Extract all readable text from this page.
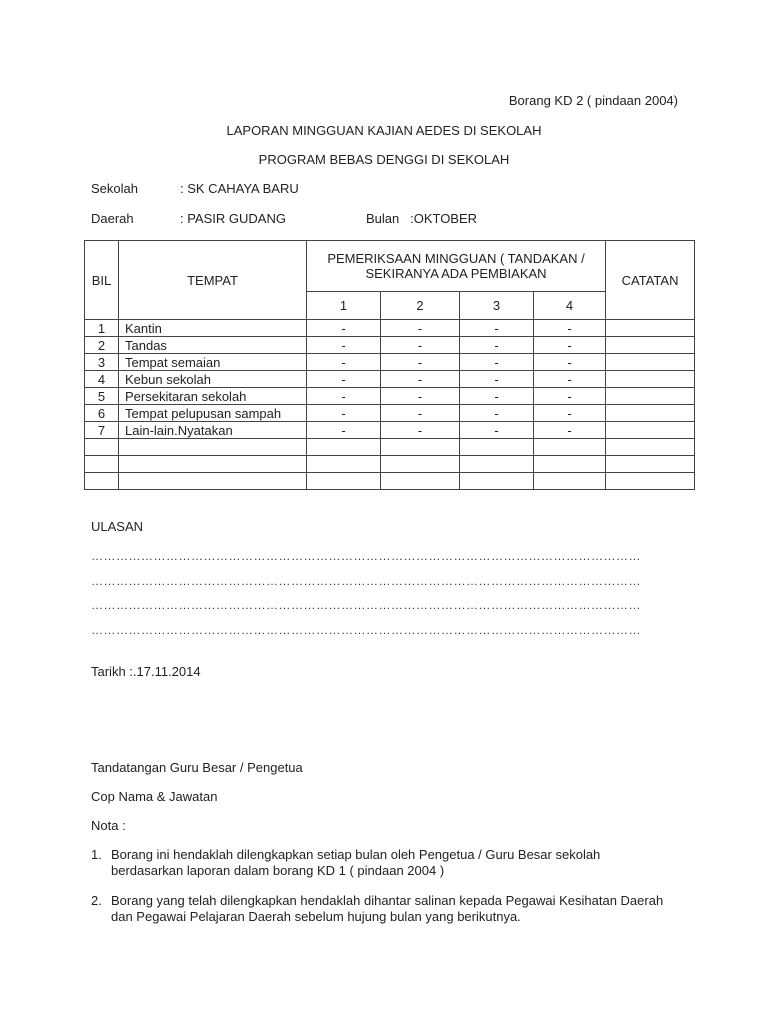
Borang KD 2 ( pindaan 2004)
LAPORAN MINGGUAN KAJIAN AEDES DI SEKOLAH
PROGRAM BEBAS DENGGI DI SEKOLAH
Sekolah	: SK CAHAYA BARU
Daerah	: PASIR GUDANG	Bulan :OKTOBER
BIL	TEMPAT	PEMERIKSAAN MINGGUAN ( TANDAKAN / SEKIRANYA ADA PEMBIAKAN				CATATAN
		1	2	3	4	
1	Kantin	-	-	-	-	
2	Tandas	-	-	-	-	
3	Tempat semaian	-	-	-	-	
4	Kebun sekolah	-	-	-	-	
5	Persekitaran sekolah	-	-	-	-	
6	Tempat pelupusan sampah	-	-	-	-	
7	Lain-lain.Nyatakan	-	-	-	-	

ULASAN
……………………………………………………………………………………………………………………
……………………………………………………………………………………………………………………
……………………………………………………………………………………………………………………
……………………………………………………………………………………………………………………
Tarikh :.17.11.2014
Tandatangan Guru Besar / Pengetua
Cop Nama & Jawatan
Nota :
1. Borang ini hendaklah dilengkapkan setiap bulan oleh Pengetua / Guru Besar sekolah berdasarkan laporan dalam borang KD 1 ( pindaan 2004 )
2. Borang yang telah dilengkapkan hendaklah dihantar salinan kepada Pegawai Kesihatan Daerah dan Pegawai Pelajaran Daerah sebelum hujung bulan yang berikutnya.
